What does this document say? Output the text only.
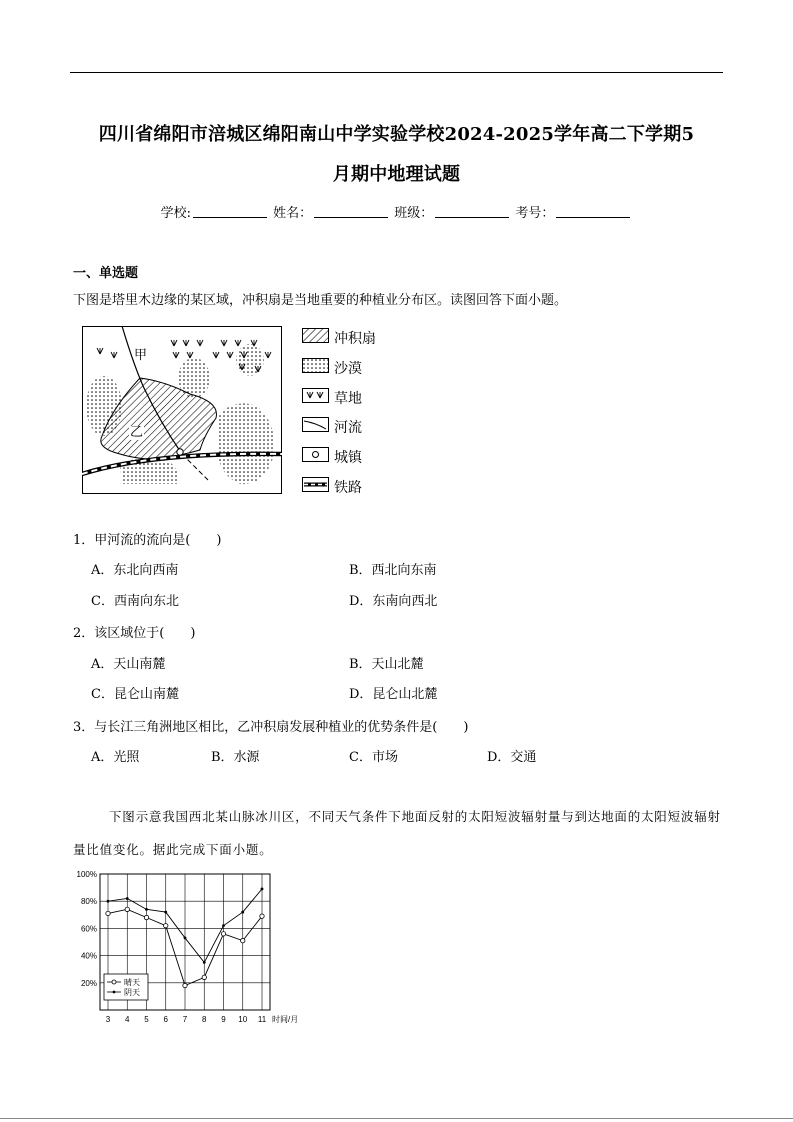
四川省绵阳市涪城区绵阳南山中学实验学校2024-2025学年高二下学期5
月期中地理试题
学校:	姓名：	班级：	考号：
一、单选题
下图是塔里木边缘的某区域，冲积扇是当地重要的种植业分布区。读图回答下面小题。
甲
乙
冲积扇
沙漠
草地
河流
城镇
铁路
1．甲河流的流向是(　　)
A．东北向西南	B．西北向东南
C．西南向东北	D．东南向西北
2．该区域位于(　　)
A．天山南麓	B．天山北麓
C．昆仑山南麓	D．昆仑山北麓
3．与长江三角洲地区相比，乙冲积扇发展种植业的优势条件是(　　)
A．光照	B．水源	C．市场	D．交通
下图示意我国西北某山脉冰川区，不同天气条件下地面反射的太阳短波辐射量与到达地面的太阳短波辐射量比值变化。据此完成下面小题。
20%
40%
60%
80%
100%
3 4 5 6 7 8 9 10 11 时间/月
晴天
阴天
